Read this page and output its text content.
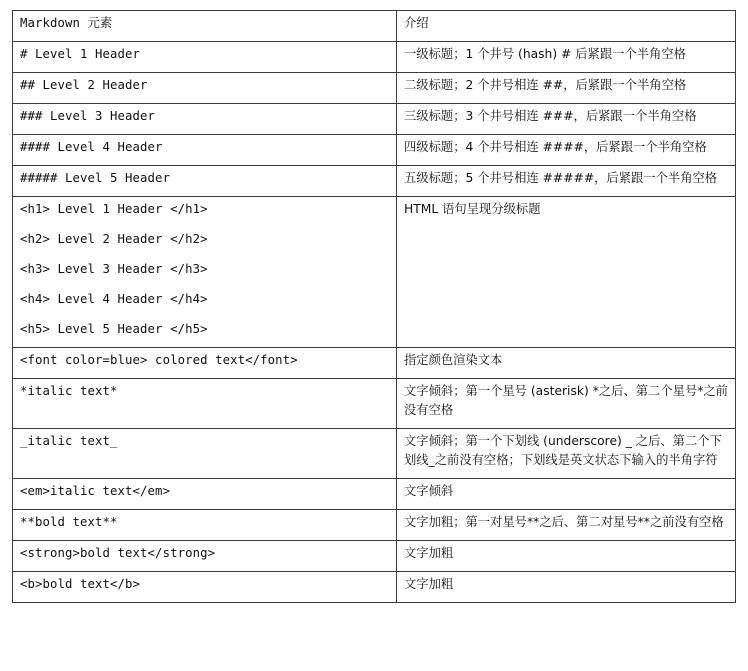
Markdown 元素	介绍

# Level 1 Header	一级标题；1 个井号 (hash) # 后紧跟一个半角空格

## Level 2 Header	二级标题；2 个井号相连 ##，后紧跟一个半角空格

### Level 3 Header	三级标题；3 个井号相连 ###，后紧跟一个半角空格

#### Level 4 Header	四级标题；4 个井号相连 ####，后紧跟一个半角空格

##### Level 5 Header	五级标题；5 个井号相连 #####，后紧跟一个半角空格

<h1> Level 1 Header </h1>
<h2> Level 2 Header </h2>
<h3> Level 3 Header </h3>
<h4> Level 4 Header </h4>
<h5> Level 5 Header </h5>	HTML 语句呈现分级标题

<font color=blue> colored text</font>	指定颜色渲染文本

*italic text*	文字倾斜；第一个星号 (asterisk) *之后、第二个星号*之前没有空格

_italic text_	文字倾斜；第一个下划线 (underscore) _ 之后、第二个下划线_之前没有空格；下划线是英文状态下输入的半角字符

<em>italic text</em>	文字倾斜

**bold text**	文字加粗；第一对星号**之后、第二对星号**之前没有空格

<strong>bold text</strong>	文字加粗

<b>bold text</b>	文字加粗
